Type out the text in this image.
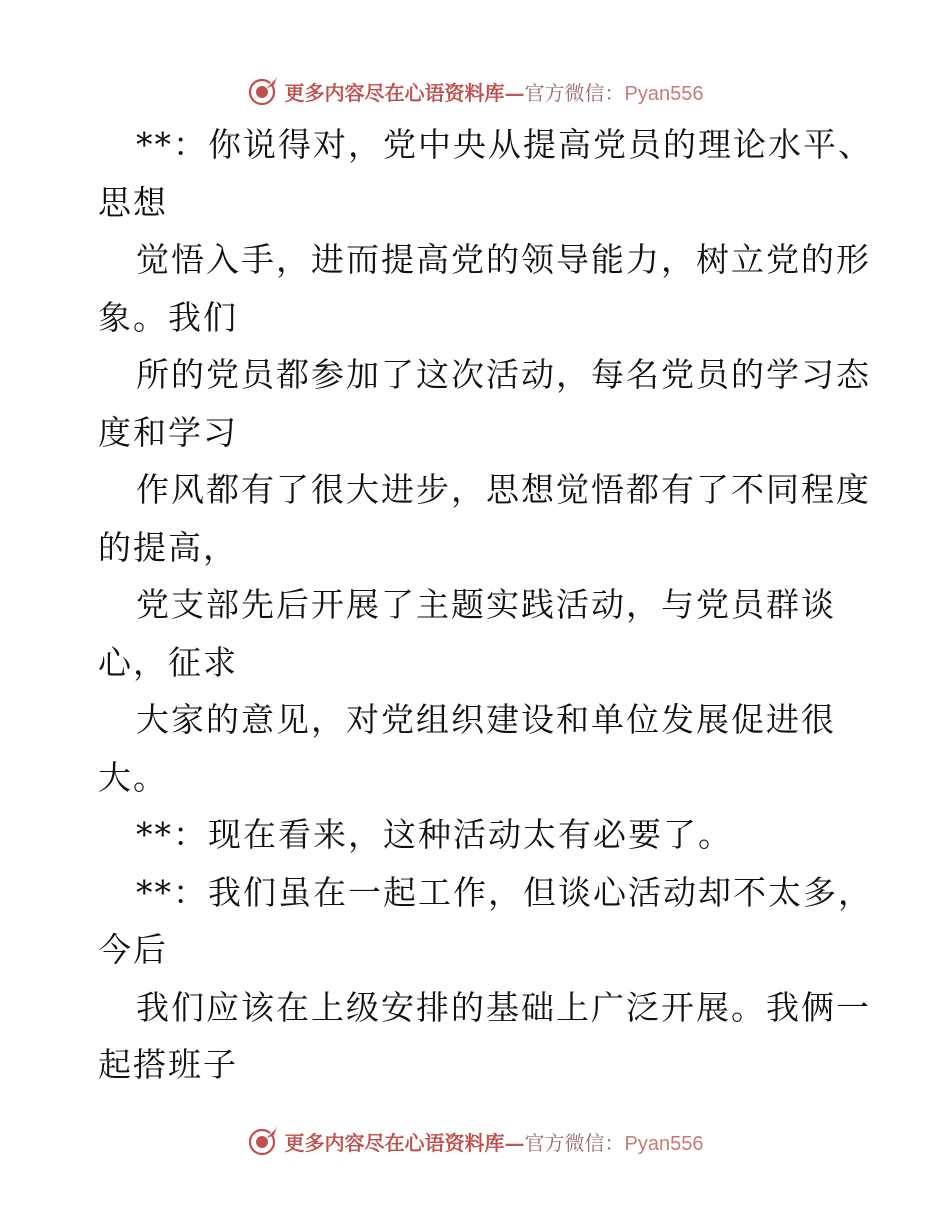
更多内容尽在心语资料库—官方微信：Pyan556
**：你说得对，党中央从提高党员的理论水平、
思想
觉悟入手，进而提高党的领导能力，树立党的形
象。我们
所的党员都参加了这次活动，每名党员的学习态
度和学习
作风都有了很大进步，思想觉悟都有了不同程度
的提高，
党支部先后开展了主题实践活动，与党员群谈
心，征求
大家的意见，对党组织建设和单位发展促进很
大。
**：现在看来，这种活动太有必要了。
**：我们虽在一起工作，但谈心活动却不太多，
今后
我们应该在上级安排的基础上广泛开展。我俩一
起搭班子
更多内容尽在心语资料库—官方微信：Pyan556
